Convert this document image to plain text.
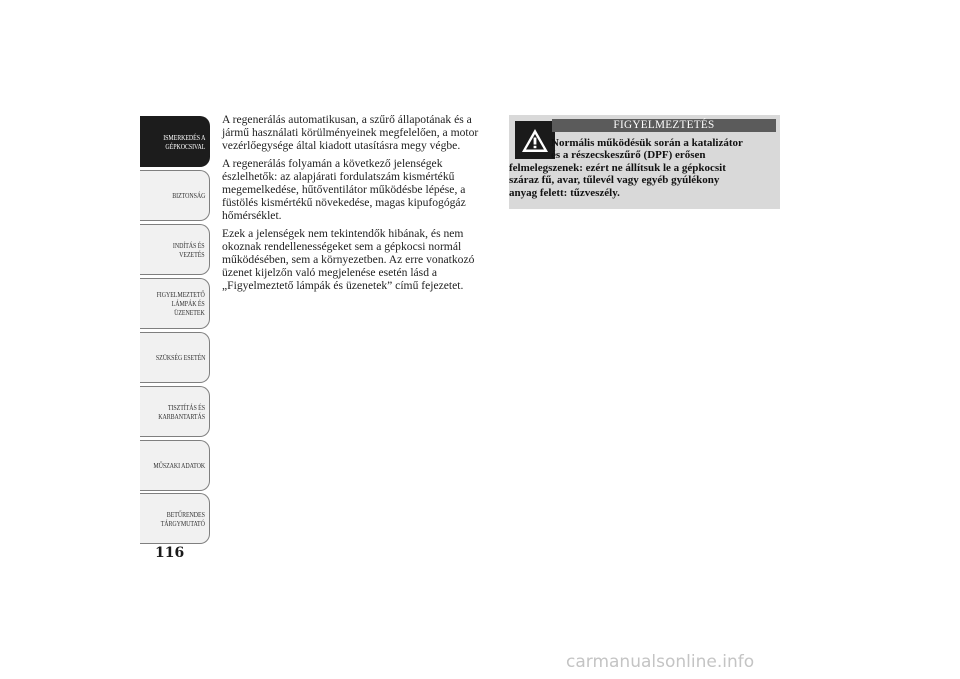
ISMERKEDÉS A
GÉPKOCSIVAL
BIZTONSÁG
INDÍTÁS ÉS
VEZETÉS
FIGYELMEZTETŐ
LÁMPÁK ÉS
ÜZENETEK
SZÜKSÉG ESETÉN
TISZTÍTÁS ÉS
KARBANTARTÁS
MŰSZAKI ADATOK
BETŰRENDES
TÁRGYMUTATÓ
116

A regenerálás automatikusan, a szűrő állapotának és a jármű használati körülményeinek megfelelően, a motor vezérlőegysége által kiadott utasításra megy végbe.

A regenerálás folyamán a következő jelenségek észlelhetők: az alapjárati fordulatszám kismértékű megemelkedése, hűtőventilátor működésbe lépése, a füstölés kismértékű növekedése, magas kipufogógáz hőmérséklet.

Ezek a jelenségek nem tekintendők hibának, és nem okoznak rendellenességeket sem a gépkocsi normál működésében, sem a környezetben. Az erre vonatkozó üzenet kijelzőn való megjelenése esetén lásd a „Figyelmeztető lámpák és üzenetek” című fejezetet.

FIGYELMEZTETÉS
Normális működésük során a katalizátor
és a részecskeszűrő (DPF) erősen
felmelegszenek: ezért ne állítsuk le a gépkocsit
száraz fű, avar, tűlevél vagy egyéb gyúlékony
anyag felett: tűzveszély.
carmanualsonline.info
